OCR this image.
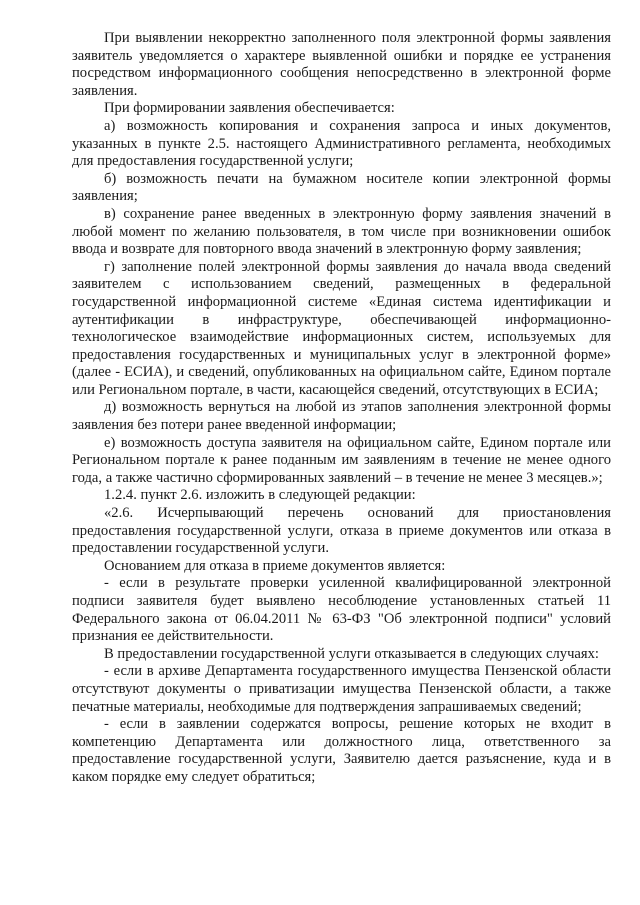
При выявлении некорректно заполненного поля электронной формы заявления заявитель уведомляется о характере выявленной ошибки и порядке ее устранения посредством информационного сообщения непосредственно в электронной форме заявления.

При формировании заявления обеспечивается:

а) возможность копирования и сохранения запроса и иных документов, указанных в пункте 2.5. настоящего Административного регламента, необходимых для предоставления государственной услуги;

б) возможность печати на бумажном носителе копии электронной формы заявления;

в) сохранение ранее введенных в электронную форму заявления значений в любой момент по желанию пользователя, в том числе при возникновении ошибок ввода и возврате для повторного ввода значений в электронную форму заявления;

г) заполнение полей электронной формы заявления до начала ввода сведений заявителем с использованием сведений, размещенных в федеральной государственной информационной системе «Единая система идентификации и аутентификации в инфраструктуре, обеспечивающей информационно-технологическое взаимодействие информационных систем, используемых для предоставления государственных и муниципальных услуг в электронной форме» (далее - ЕСИА), и сведений, опубликованных на официальном сайте, Едином портале или Региональном портале, в части, касающейся сведений, отсутствующих в ЕСИА;

д) возможность вернуться на любой из этапов заполнения электронной формы заявления без потери ранее введенной информации;

е) возможность доступа заявителя на официальном сайте, Едином портале или Региональном портале к ранее поданным им заявлениям в течение не менее одного года, а также частично сформированных заявлений – в течение не менее 3 месяцев.»;

1.2.4. пункт 2.6. изложить в следующей редакции:

«2.6. Исчерпывающий перечень оснований для приостановления предоставления государственной услуги, отказа в приеме документов или отказа в предоставлении государственной услуги.

Основанием для отказа в приеме документов является:

- если в результате проверки усиленной квалифицированной электронной подписи заявителя будет выявлено несоблюдение установленных статьей 11 Федерального закона от 06.04.2011 № 63-ФЗ "Об электронной подписи" условий признания ее действительности.

В предоставлении государственной услуги отказывается в следующих случаях:

- если в архиве Департамента государственного имущества Пензенской области отсутствуют документы о приватизации имущества Пензенской области, а также печатные материалы, необходимые для подтверждения запрашиваемых сведений;

- если в заявлении содержатся вопросы, решение которых не входит в компетенцию Департамента или должностного лица, ответственного за предоставление государственной услуги, Заявителю дается разъяснение, куда и в каком порядке ему следует обратиться;
